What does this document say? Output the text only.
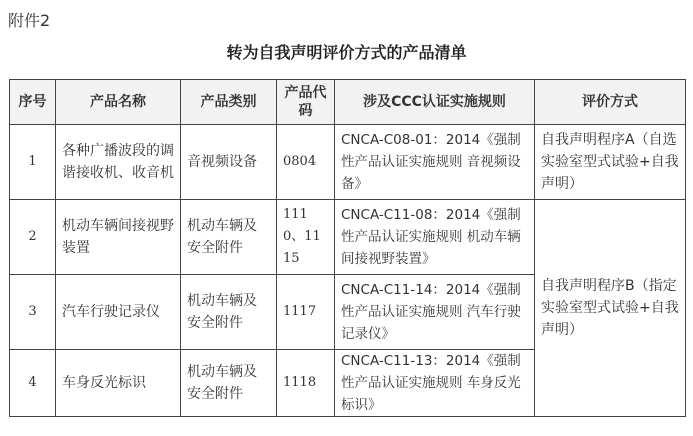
附件2
转为自我声明评价方式的产品清单
序号	产品名称	产品类别	产品代码	涉及CCC认证实施规则	评价方式
1	各种广播波段的调谐接收机、收音机	音视频设备	0804	CNCA-C08-01：2014《强制性产品认证实施规则 音视频设备》	自我声明程序A（自选实验室型式试验+自我声明）
2	机动车辆间接视野装置	机动车辆及安全附件	1110、1115	CNCA-C11-08：2014《强制性产品认证实施规则 机动车辆间接视野装置》	自我声明程序B（指定实验室型式试验+自我声明）
3	汽车行驶记录仪	机动车辆及安全附件	1117	CNCA-C11-14：2014《强制性产品认证实施规则 汽车行驶记录仪》	
4	车身反光标识	机动车辆及安全附件	1118	CNCA-C11-13：2014《强制性产品认证实施规则 车身反光标识》	
